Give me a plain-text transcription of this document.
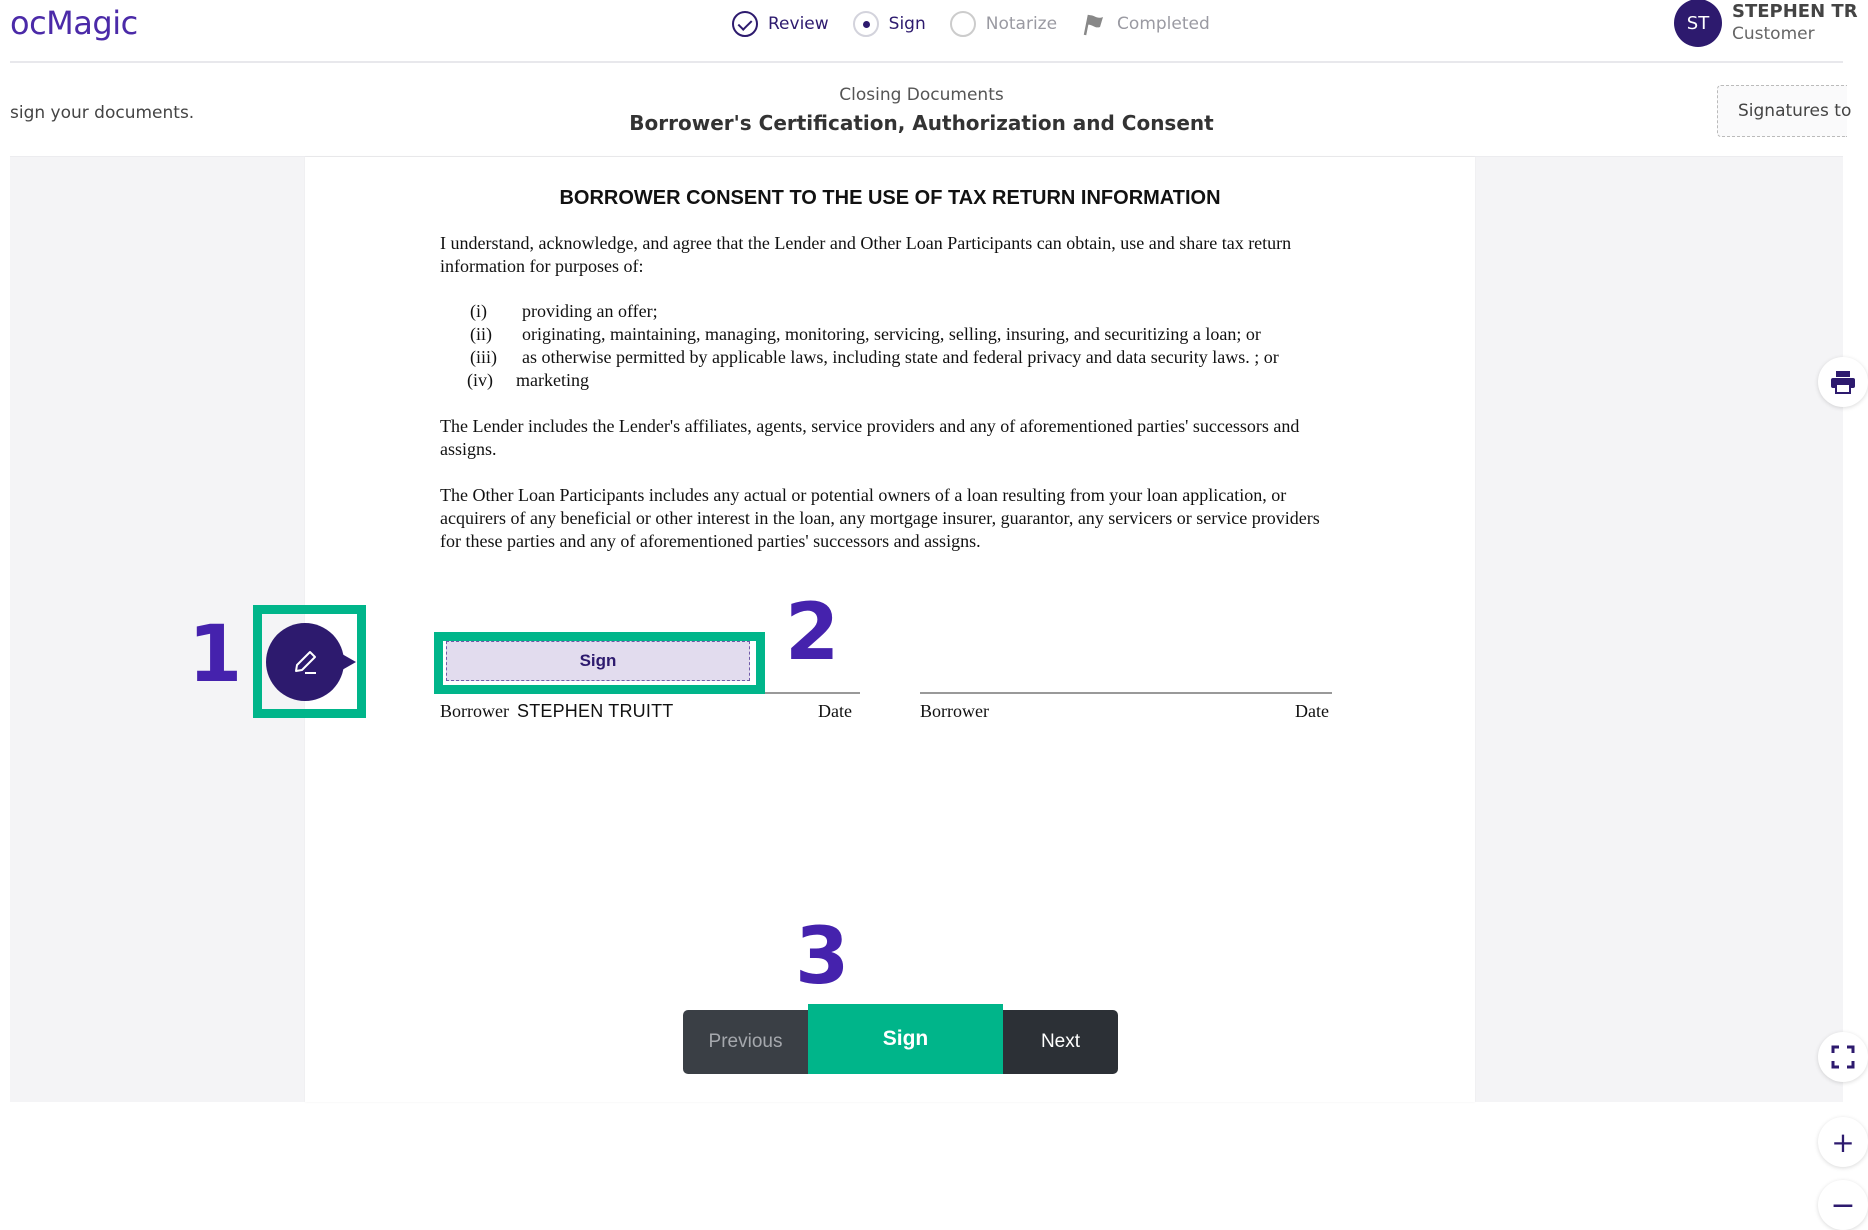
ocMagic	Review	Sign	Notarize	Completed	ST
STEPHEN TR
Customer
sign your documents.
Closing Documents
Borrower's Certification, Authorization and Consent	Signatures to
BORROWER CONSENT TO THE USE OF TAX RETURN INFORMATION
I understand, acknowledge, and agree that the Lender and Other Loan Participants can obtain, use and share tax return information for purposes of:
(i)	providing an offer;
(ii)	originating, maintaining, managing, monitoring, servicing, selling, insuring, and securitizing a loan; or
(iii)	as otherwise permitted by applicable laws, including state and federal privacy and data security laws. ; or
(iv)	marketing
The Lender includes the Lender's affiliates, agents, service providers and any of aforementioned parties' successors and assigns.
The Other Loan Participants includes any actual or potential owners of a loan resulting from your loan application, or acquirers of any beneficial or other interest in the loan, any mortgage insurer, guarantor, any servicers or service providers for these parties and any of aforementioned parties' successors and assigns.
Borrower STEPHEN TRUITT	Date	Borrower	Date
+
−
1	Sign	2
3
Previous	Sign	Next
